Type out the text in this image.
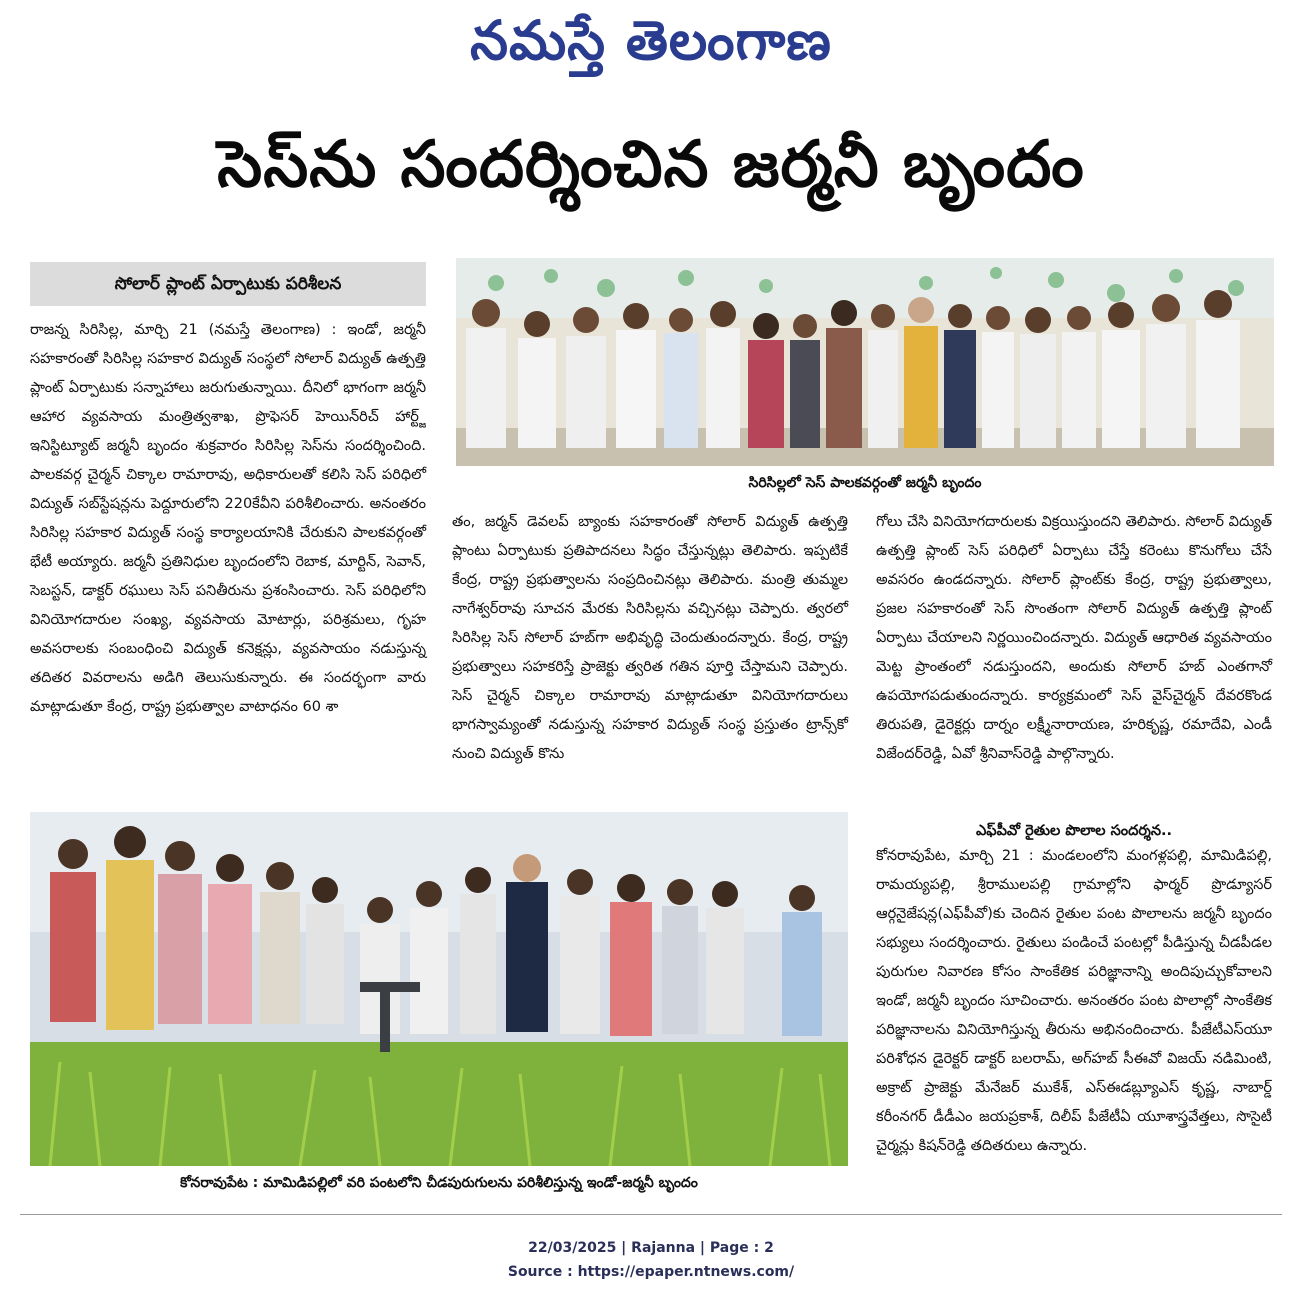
నమస్తే తెలంగాణ
సెస్‌ను సందర్శించిన జర్మనీ బృందం
సోలార్ ప్లాంట్ ఏర్పాటుకు పరిశీలన
సిరిసిల్లలో సెస్ పాలకవర్గంతో జర్మనీ బృందం

రాజన్న సిరిసిల్ల, మార్చి 21 (నమస్తే తెలంగాణ) : ఇండో, జర్మనీ సహకారంతో సిరిసిల్ల సహకార విద్యుత్ సంస్థలో సోలార్ విద్యుత్ ఉత్పత్తి ప్లాంట్ ఏర్పాటుకు సన్నాహాలు జరుగుతున్నాయి. దీనిలో భాగంగా జర్మనీ ఆహార వ్యవసాయ మంత్రిత్వశాఖ, ప్రొఫెసర్ హెయిన్‌రిచ్ హార్ట్జ్ ఇనిస్టిట్యూట్ జర్మనీ బృందం శుక్రవారం సిరిసిల్ల సెస్‌ను సందర్శించింది. పాలకవర్గ చైర్మన్ చిక్కాల రామారావు, అధికారులతో కలిసి సెస్ పరిధిలో విద్యుత్ సబ్‌స్టేషన్లను పెద్దూరులోని 220కేవీని పరిశీలించారు. అనంతరం సిరిసిల్ల సహకార విద్యుత్ సంస్థ కార్యాలయానికి చేరుకుని పాలకవర్గంతో భేటీ అయ్యారు. జర్మనీ ప్రతినిధుల బృందంలోని రెబాక, మార్టిన్, సెవాన్, సెబస్టన్, డాక్టర్ రఘులు సెస్ పనితీరును ప్రశంసించారు. సెస్ పరిధిలోని వినియోగదారుల సంఖ్య, వ్యవసాయ మోటార్లు, పరిశ్రమలు, గృహ అవసరాలకు సంబంధించి విద్యుత్ కనెక్షన్లు, వ్యవసాయం నడుస్తున్న తదితర వివరాలను అడిగి తెలుసుకున్నారు. ఈ సందర్భంగా వారు మాట్లాడుతూ కేంద్ర, రాష్ట్ర ప్రభుత్వాల వాటాధనం 60 శా

తం, జర్మన్ డెవలప్ బ్యాంకు సహకారంతో సోలార్ విద్యుత్ ఉత్పత్తి ప్లాంటు ఏర్పాటుకు ప్రతిపాదనలు సిద్ధం చేస్తున్నట్లు తెలిపారు. ఇప్పటికే కేంద్ర, రాష్ట్ర ప్రభుత్వాలను సంప్రదించినట్లు తెలిపారు. మంత్రి తుమ్మల నాగేశ్వర్‌రావు సూచన మేరకు సిరిసిల్లను వచ్చినట్లు చెప్పారు. త్వరలో సిరిసిల్ల సెస్ సోలార్ హబ్‌గా అభివృద్ధి చెందుతుందన్నారు. కేంద్ర, రాష్ట్ర ప్రభుత్వాలు సహకరిస్తే ప్రాజెక్టు త్వరిత గతిన పూర్తి చేస్తామని చెప్పారు. సెస్ చైర్మన్ చిక్కాల రామారావు మాట్లాడుతూ వినియోగదారులు భాగస్వామ్యంతో నడుస్తున్న సహకార విద్యుత్ సంస్థ ప్రస్తుతం ట్రాన్స్‌కో నుంచి విద్యుత్ కొను

గోలు చేసి వినియోగదారులకు విక్రయిస్తుందని తెలిపారు. సోలార్ విద్యుత్ ఉత్పత్తి ప్లాంట్ సెస్ పరిధిలో ఏర్పాటు చేస్తే కరెంటు కొనుగోలు చేసే అవసరం ఉండదన్నారు. సోలార్ ప్లాంట్‌కు కేంద్ర, రాష్ట్ర ప్రభుత్వాలు, ప్రజల సహకారంతో సెస్ సొంతంగా సోలార్ విద్యుత్ ఉత్పత్తి ప్లాంట్ ఏర్పాటు చేయాలని నిర్ణయించిందన్నారు. విద్యుత్ ఆధారిత వ్యవసాయం మెట్ట ప్రాంతంలో నడుస్తుందని, అందుకు సోలార్ హబ్ ఎంతగానో ఉపయోగపడుతుందన్నారు. కార్యక్రమంలో సెస్ వైస్‌చైర్మన్ దేవరకొండ తిరుపతి, డైరెక్టర్లు దార్నం లక్ష్మీనారాయణ, హరికృష్ణ, రమాదేవి, ఎండీ విజేందర్‌రెడ్డి, ఏవో శ్రీనివాస్‌రెడ్డి పాల్గొన్నారు.

ఎఫ్‌పీవో రైతుల పొలాల సందర్శన..

కోనరావుపేట, మార్చి 21 : మండలంలోని మంగళ్లపల్లి, మామిడిపల్లి, రామయ్యపల్లి, శ్రీరాములపల్లి గ్రామాల్లోని ఫార్మర్ ప్రొడ్యూసర్ ఆర్గనైజేషన్ల(ఎఫ్‌పీవో)కు చెందిన రైతుల పంట పొలాలను జర్మనీ బృందం సభ్యులు సందర్శించారు. రైతులు పండించే పంటల్లో పీడిస్తున్న చీడపీడల పురుగుల నివారణ కోసం సాంకేతిక పరిజ్ఞానాన్ని అందిపుచ్చుకోవాలని ఇండో, జర్మనీ బృందం సూచించారు. అనంతరం పంట పొలాల్లో సాంకేతిక పరిజ్ఞానాలను వినియోగిస్తున్న తీరును అభినందించారు. పీజేటీఎస్‌యూ పరిశోధన డైరెక్టర్ డాక్టర్ బలరామ్, అగ్‌హబ్ సీఈవో విజయ్ నడిమింటి, అక్రాట్ ప్రాజెక్టు మేనేజర్ ముకేశ్, ఎస్‌ఈడబ్ల్యూఎస్ కృష్ణ, నాబార్డ్ కరీంనగర్ డీడీఎం జయప్రకాశ్, దిలీప్ పీజేటీఏ యూశాస్త్రవేత్తలు, సొసైటీ చైర్మన్లు కిషన్‌రెడ్డి తదితరులు ఉన్నారు.

కోనరావుపేట : మామిడిపల్లిలో వరి పంటలోని చీడపురుగులను పరిశీలిస్తున్న ఇండో-జర్మనీ బృందం
22/03/2025 | Rajanna | Page : 2
Source : https://epaper.ntnews.com/
